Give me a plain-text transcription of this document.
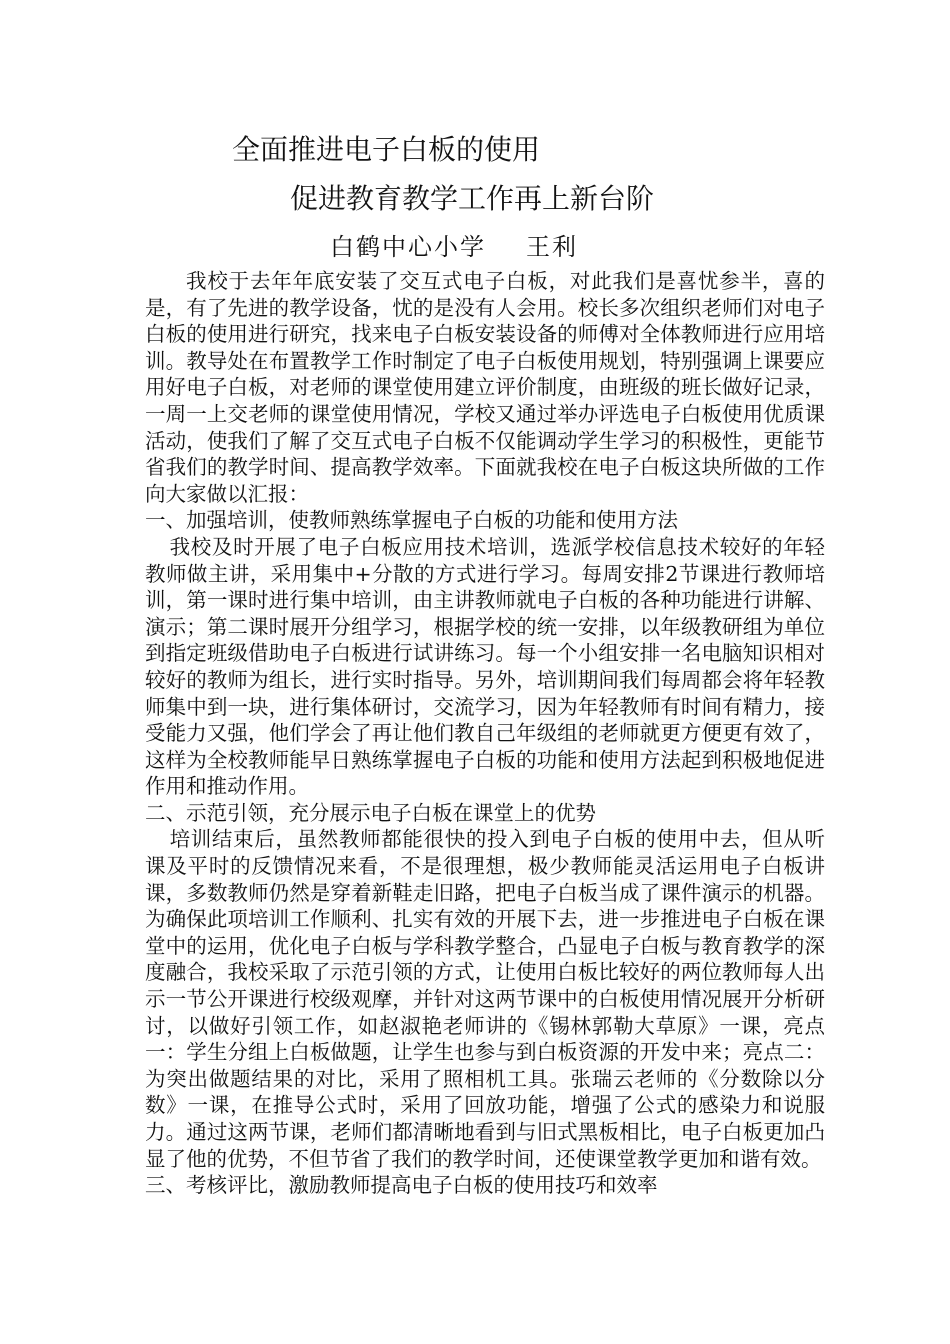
全面推进电子白板的使用
促进教育教学工作再上新台阶
白鹤中心小学 王利

我校于去年年底安装了交互式电子白板，对此我们是喜忧参半，喜的是，有了先进的教学设备，忧的是没有人会用。校长多次组织老师们对电子白板的使用进行研究，找来电子白板安装设备的师傅对全体教师进行应用培训。教导处在布置教学工作时制定了电子白板使用规划，特别强调上课要应用好电子白板，对老师的课堂使用建立评价制度，由班级的班长做好记录，一周一上交老师的课堂使用情况，学校又通过举办评选电子白板使用优质课活动，使我们了解了交互式电子白板不仅能调动学生学习的积极性，更能节省我们的教学时间、提高教学效率。下面就我校在电子白板这块所做的工作向大家做以汇报：

一、加强培训，使教师熟练掌握电子白板的功能和使用方法

我校及时开展了电子白板应用技术培训，选派学校信息技术较好的年轻教师做主讲，采用集中+分散的方式进行学习。每周安排2节课进行教师培训，第一课时进行集中培训，由主讲教师就电子白板的各种功能进行讲解、演示；第二课时展开分组学习，根据学校的统一安排，以年级教研组为单位到指定班级借助电子白板进行试讲练习。每一个小组安排一名电脑知识相对较好的教师为组长，进行实时指导。另外，培训期间我们每周都会将年轻教师集中到一块，进行集体研讨，交流学习，因为年轻教师有时间有精力，接受能力又强，他们学会了再让他们教自己年级组的老师就更方便更有效了，这样为全校教师能早日熟练掌握电子白板的功能和使用方法起到积极地促进作用和推动作用。

二、示范引领，充分展示电子白板在课堂上的优势

培训结束后，虽然教师都能很快的投入到电子白板的使用中去，但从听课及平时的反馈情况来看，不是很理想，极少教师能灵活运用电子白板讲课，多数教师仍然是穿着新鞋走旧路，把电子白板当成了课件演示的机器。为确保此项培训工作顺利、扎实有效的开展下去，进一步推进电子白板在课堂中的运用，优化电子白板与学科教学整合，凸显电子白板与教育教学的深度融合，我校采取了示范引领的方式，让使用白板比较好的两位教师每人出示一节公开课进行校级观摩，并针对这两节课中的白板使用情况展开分析研讨，以做好引领工作，如赵淑艳老师讲的《锡林郭勒大草原》一课，亮点一：学生分组上白板做题，让学生也参与到白板资源的开发中来；亮点二：为突出做题结果的对比，采用了照相机工具。张瑞云老师的《分数除以分数》一课，在推导公式时，采用了回放功能，增强了公式的感染力和说服力。通过这两节课，老师们都清晰地看到与旧式黑板相比，电子白板更加凸显了他的优势，不但节省了我们的教学时间，还使课堂教学更加和谐有效。

三、考核评比，激励教师提高电子白板的使用技巧和效率
